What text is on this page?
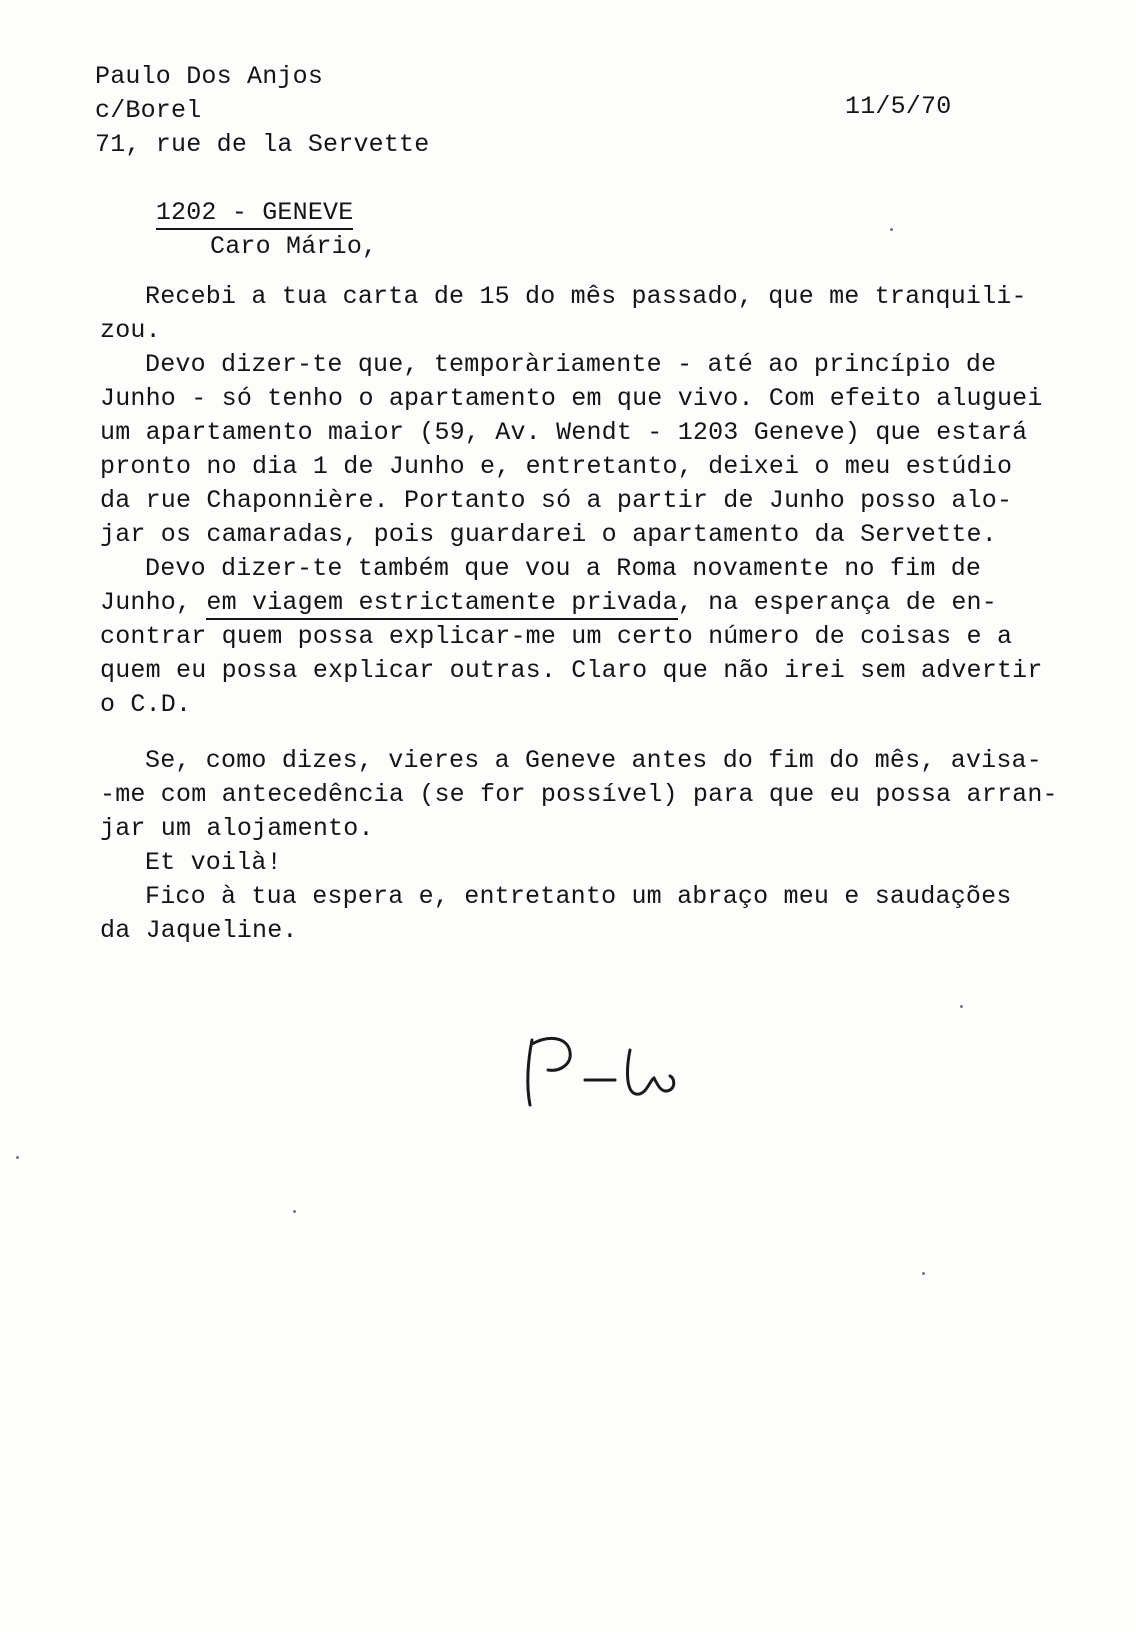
Paulo Dos Anjos
c/Borel
71, rue de la Servette

1202 - GENEVE

11/5/70
Caro Mário,
Recebi a tua carta de 15 do mês passado, que me tranquili-
zou.
Devo dizer-te que, temporàriamente - até ao princípio de
Junho - só tenho o apartamento em que vivo. Com efeito aluguei
um apartamento maior (59, Av. Wendt - 1203 Geneve) que estará
pronto no dia 1 de Junho e, entretanto, deixei o meu estúdio
da rue Chaponnière. Portanto só a partir de Junho posso alo-
jar os camaradas, pois guardarei o apartamento da Servette.
Devo dizer-te também que vou a Roma novamente no fim de
Junho, em viagem estrictamente privada, na esperança de en-
contrar quem possa explicar-me um certo número de coisas e a
quem eu possa explicar outras. Claro que não irei sem advertir
o C.D.
Se, como dizes, vieres a Geneve antes do fim do mês, avisa-
-me com antecedência (se for possível) para que eu possa arran-
jar um alojamento.
Et voilà!
Fico à tua espera e, entretanto um abraço meu e saudações
da Jaqueline.
